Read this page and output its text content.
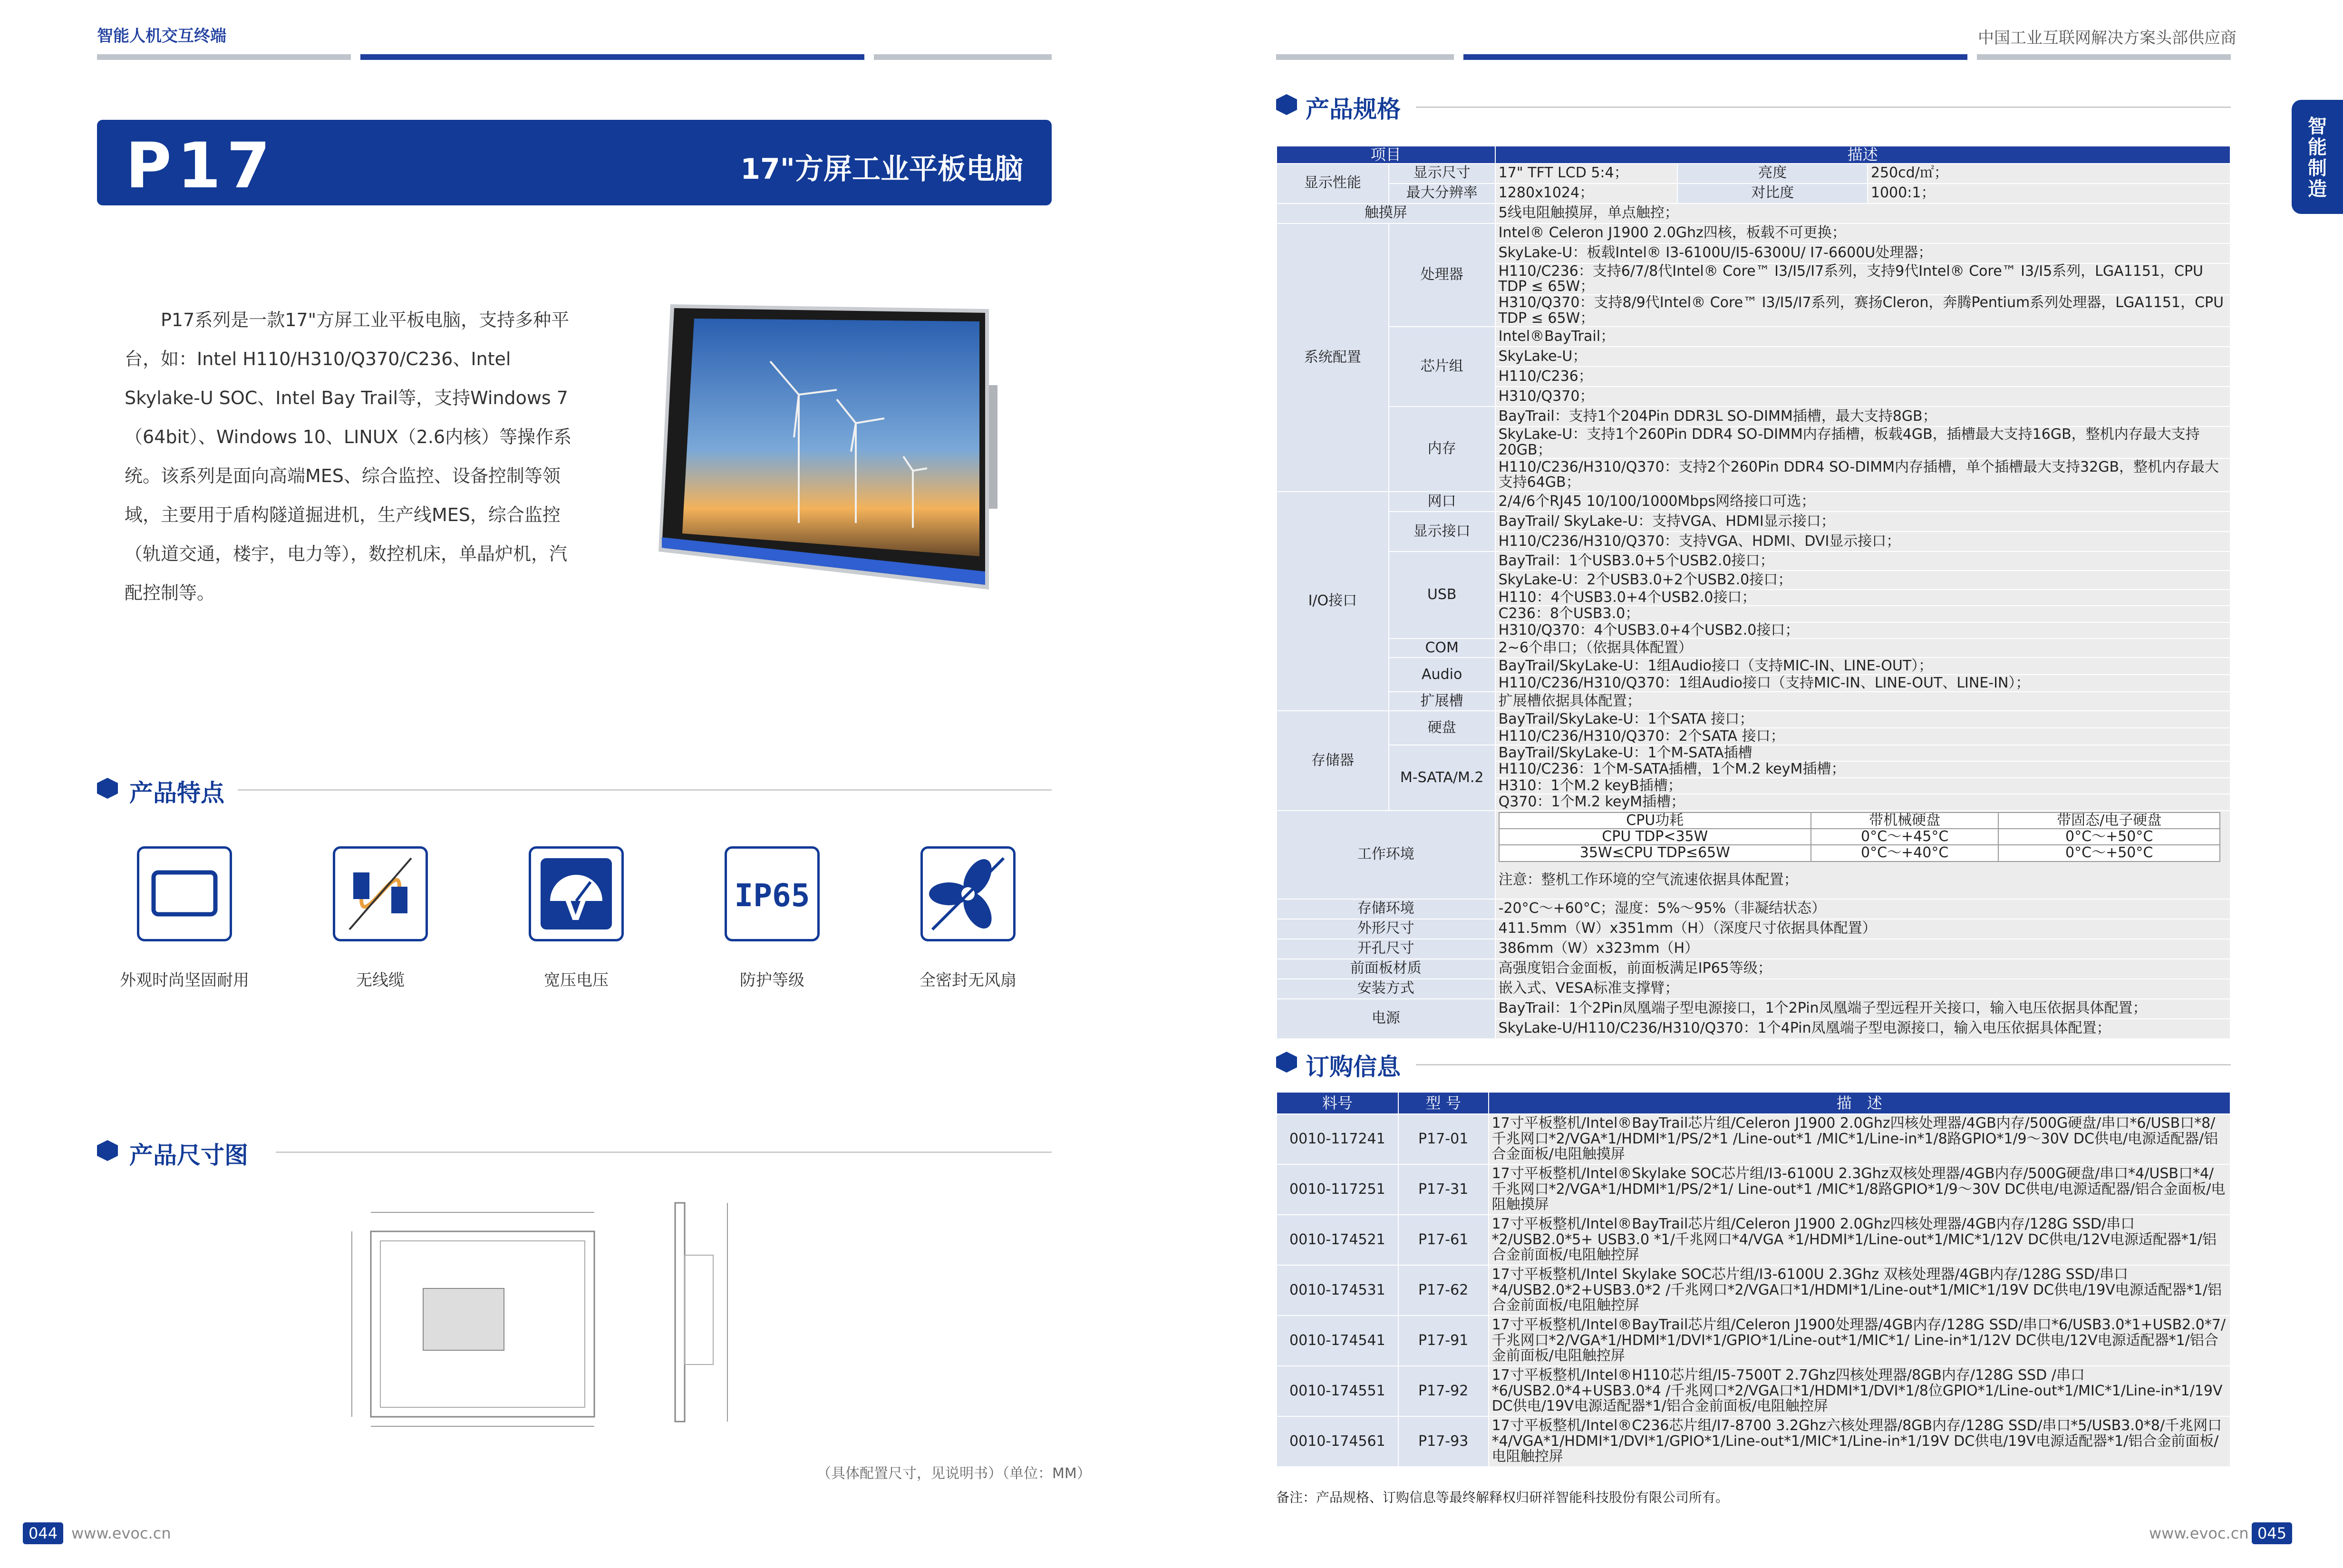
智能人机交互终端	中国工业互联网解决方案头部供应商
智能制造
P17	17"方屏工业平板电脑
P17系列是一款17"方屏工业平板电脑，支持多种平台，如：Intel H110/H310/Q370/C236、Intel Skylake-U SOC、Intel Bay Trail等，支持Windows 7（64bit）、Windows 10、LINUX（2.6内核）等操作系统。该系列是面向高端MES、综合监控、设备控制等领域，主要用于盾构隧道掘进机，生产线MES，综合监控（轨道交通，楼宇，电力等），数控机床，单晶炉机，汽配控制等。
产品特点
外观时尚坚固耐用	无线缆
V
宽压电压
IP65
防护等级	全密封无风扇
产品尺寸图
（具体配置尺寸，见说明书）（单位：MM）
044 www.evoc.cn
产品规格
项目	描述
显示性能	显示尺寸	17" TFT LCD 5:4；	亮度	250cd/㎡；
最大分辨率	1280x1024；	对比度	1000:1；
触摸屏	5线电阻触摸屏，单点触控；
系统配置	处理器	Intel® Celeron J1900 2.0Ghz四核，板载不可更换；
SkyLake-U：板载Intel® I3-6100U/I5-6300U/ I7-6600U处理器；
H110/C236：支持6/7/8代Intel® Core™ I3/I5/I7系列，支持9代Intel® Core™ I3/I5系列，LGA1151，CPU TDP ≤ 65W；
H310/Q370：支持8/9代Intel® Core™ I3/I5/I7系列，赛扬Cleron，奔腾Pentium系列处理器，LGA1151，CPU TDP ≤ 65W；
芯片组	Intel®BayTrail；
SkyLake-U；
H110/C236；
H310/Q370；
内存	BayTrail：支持1个204Pin DDR3L SO-DIMM插槽，最大支持8GB；
SkyLake-U：支持1个260Pin DDR4 SO-DIMM内存插槽，板载4GB，插槽最大支持16GB，整机内存最大支持20GB；
H110/C236/H310/Q370：支持2个260Pin DDR4 SO-DIMM内存插槽，单个插槽最大支持32GB，整机内存最大支持64GB；
I/O接口	网口	2/4/6个RJ45 10/100/1000Mbps网络接口可选；
显示接口	BayTrail/ SkyLake-U：支持VGA、HDMI显示接口；
H110/C236/H310/Q370：支持VGA、HDMI、DVI显示接口；
USB	BayTrail：1个USB3.0+5个USB2.0接口；
SkyLake-U：2个USB3.0+2个USB2.0接口；
H110：4个USB3.0+4个USB2.0接口；
C236：8个USB3.0；
H310/Q370：4个USB3.0+4个USB2.0接口；
COM	2~6个串口；（依据具体配置）
Audio	BayTrail/SkyLake-U：1组Audio接口（支持MIC-IN、LINE-OUT）；
H110/C236/H310/Q370：1组Audio接口（支持MIC-IN、LINE-OUT、LINE-IN）；
扩展槽	扩展槽依据具体配置；

存储器	硬盘	BayTrail/SkyLake-U：1个SATA 接口；
H110/C236/H310/Q370：2个SATA 接口；
M-SATA/M.2	BayTrail/SkyLake-U：1个M-SATA插槽
H110/C236：1个M-SATA插槽，1个M.2 keyM插槽；
H310：1个M.2 keyB插槽；
Q370：1个M.2 keyM插槽；
工作环境	
CPU功耗	带机械硬盘	带固态/电子硬盘
CPU TDP<35W	0°C～+45°C	0°C～+50°C
35W≤CPU TDP≤65W	0°C～+40°C	0°C～+50°C
注意：整机工作环境的空气流速依据具体配置；

存储环境	-20°C～+60°C；湿度：5%～95%（非凝结状态）
外形尺寸	411.5mm（W）x351mm（H）（深度尺寸依据具体配置）
开孔尺寸	386mm（W）x323mm（H）
前面板材质	高强度铝合金面板，前面板满足IP65等级；
安装方式	嵌入式、VESA标准支撑臂；
电源	BayTrail：1个2Pin凤凰端子型电源接口，1个2Pin凤凰端子型远程开关接口，输入电压依据具体配置；
SkyLake-U/H110/C236/H310/Q370：1个4Pin凤凰端子型电源接口，输入电压依据具体配置；
订购信息
料号	型 号	描　述
0010-117241	P17-01	17寸平板整机/Intel®BayTrail芯片组/Celeron J1900 2.0Ghz四核处理器/4GB内存/500G硬盘/串口*6/USB口*8/千兆网口*2/VGA*1/HDMI*1/PS/2*1 /Line-out*1 /MIC*1/Line-in*1/8路GPIO*1/9～30V DC供电/电源适配器/铝合金面板/电阻触摸屏
0010-117251	P17-31	17寸平板整机/Intel®Skylake SOC芯片组/I3-6100U 2.3Ghz双核处理器/4GB内存/500G硬盘/串口*4/USB口*4/千兆网口*2/VGA*1/HDMI*1/PS/2*1/ Line-out*1 /MIC*1/8路GPIO*1/9～30V DC供电/电源适配器/铝合金面板/电阻触摸屏
0010-174521	P17-61	17寸平板整机/Intel®BayTrail芯片组/Celeron J1900 2.0Ghz四核处理器/4GB内存/128G SSD/串口*2/USB2.0*5+ USB3.0 *1/千兆网口*4/VGA *1/HDMI*1/Line-out*1/MIC*1/12V DC供电/12V电源适配器*1/铝合金前面板/电阻触控屏
0010-174531	P17-62	17寸平板整机/Intel Skylake SOC芯片组/I3-6100U 2.3Ghz 双核处理器/4GB内存/128G SSD/串口*4/USB2.0*2+USB3.0*2 /千兆网口*2/VGA口*1/HDMI*1/Line-out*1/MIC*1/19V DC供电/19V电源适配器*1/铝合金前面板/电阻触控屏
0010-174541	P17-91	17寸平板整机/Intel®BayTrail芯片组/Celeron J1900处理器/4GB内存/128G SSD/串口*6/USB3.0*1+USB2.0*7/千兆网口*2/VGA*1/HDMI*1/DVI*1/GPIO*1/Line-out*1/MIC*1/ Line-in*1/12V DC供电/12V电源适配器*1/铝合金前面板/电阻触控屏
0010-174551	P17-92	17寸平板整机/Intel®H110芯片组/I5-7500T 2.7Ghz四核处理器/8GB内存/128G SSD /串口*6/USB2.0*4+USB3.0*4 /千兆网口*2/VGA口*1/HDMI*1/DVI*1/8位GPIO*1/Line-out*1/MIC*1/Line-in*1/19V DC供电/19V电源适配器*1/铝合金前面板/电阻触控屏
0010-174561	P17-93	17寸平板整机/Intel®C236芯片组/I7-8700 3.2Ghz六核处理器/8GB内存/128G SSD/串口*5/USB3.0*8/千兆网口*4/VGA*1/HDMI*1/DVI*1/GPIO*1/Line-out*1/MIC*1/Line-in*1/19V DC供电/19V电源适配器*1/铝合金前面板/电阻触控屏
备注：产品规格、订购信息等最终解释权归研祥智能科技股份有限公司所有。
www.evoc.cn 045
